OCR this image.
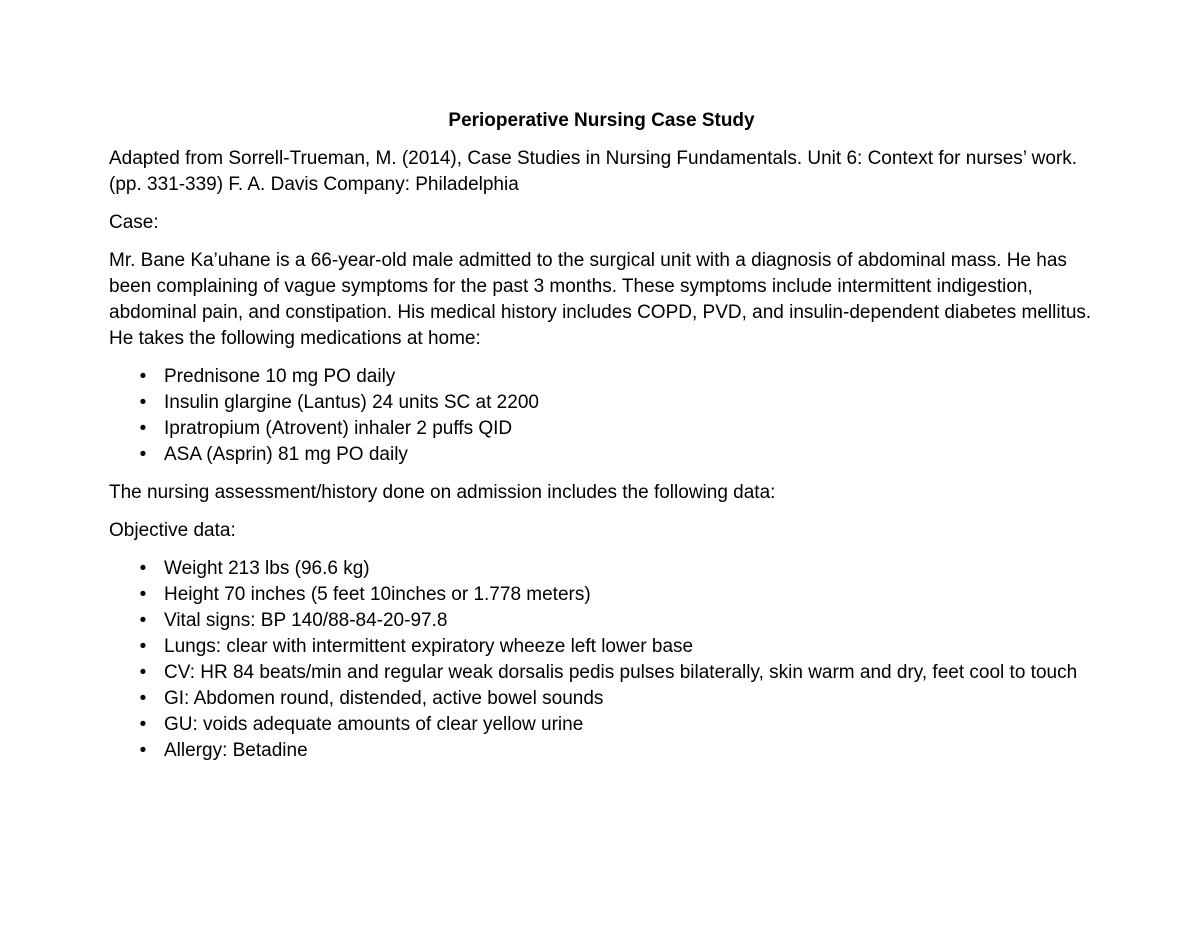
Perioperative Nursing Case Study

Adapted from Sorrell-Trueman, M. (2014), Case Studies in Nursing Fundamentals. Unit 6: Context for nurses’ work. (pp. 331-339) F. A. Davis Company: Philadelphia

Case:

Mr. Bane Ka’uhane is a 66-year-old male admitted to the surgical unit with a diagnosis of abdominal mass. He has been complaining of vague symptoms for the past 3 months. These symptoms include intermittent indigestion, abdominal pain, and constipation. His medical history includes COPD, PVD, and insulin-dependent diabetes mellitus. He takes the following medications at home:

• Prednisone 10 mg PO daily
• Insulin glargine (Lantus) 24 units SC at 2200
• Ipratropium (Atrovent) inhaler 2 puffs QID
• ASA (Asprin) 81 mg PO daily

The nursing assessment/history done on admission includes the following data:

Objective data:

• Weight 213 lbs (96.6 kg)
• Height 70 inches (5 feet 10inches or 1.778 meters)
• Vital signs: BP 140/88-84-20-97.8
• Lungs: clear with intermittent expiratory wheeze left lower base
• CV: HR 84 beats/min and regular weak dorsalis pedis pulses bilaterally, skin warm and dry, feet cool to touch
• GI: Abdomen round, distended, active bowel sounds
• GU: voids adequate amounts of clear yellow urine
• Allergy: Betadine
